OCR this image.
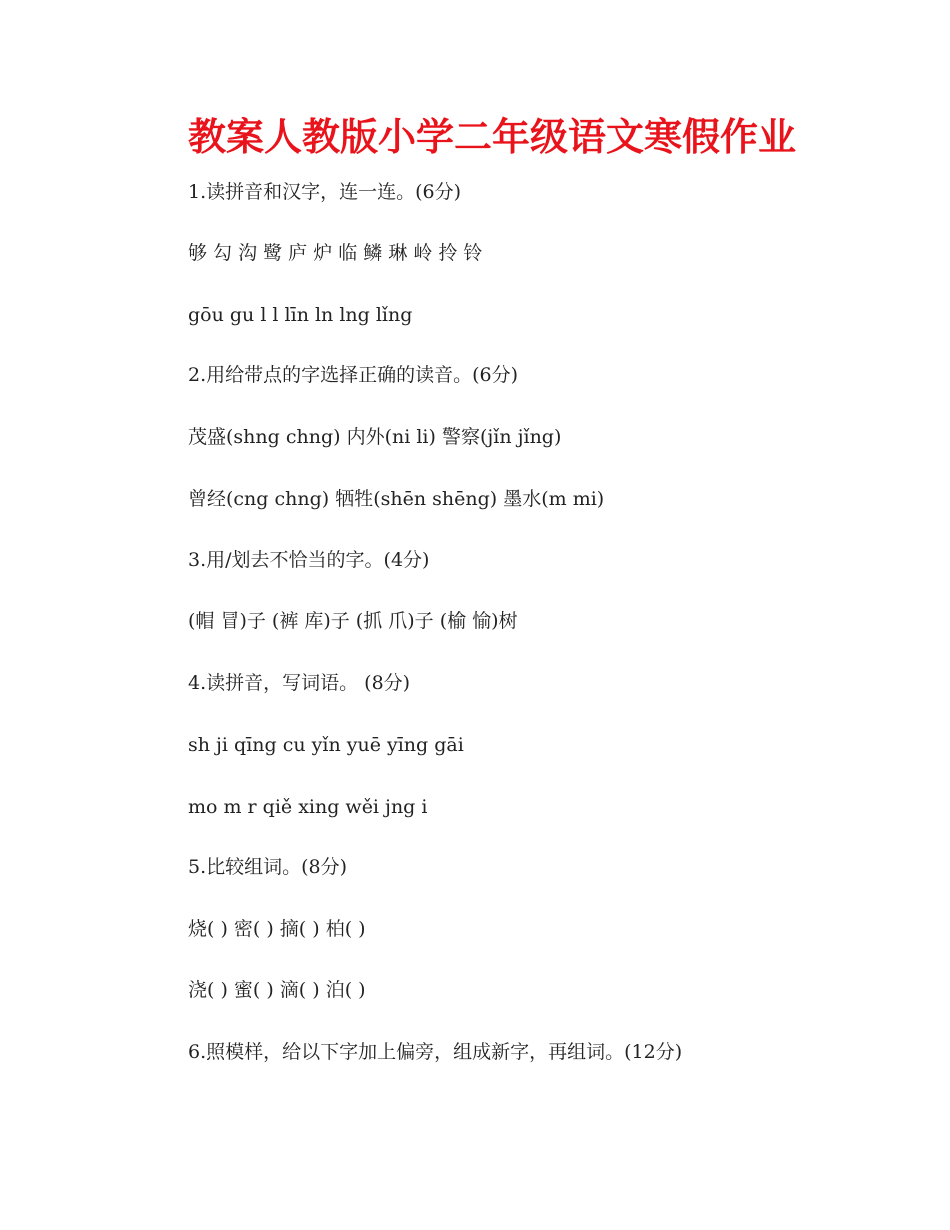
教案人教版小学二年级语文寒假作业
1.读拼音和汉字，连一连。(6分)
够 勾 沟 鹭 庐 炉 临 鳞 琳 岭 拎 铃
gōu gu l l līn ln lng lǐng
2.用给带点的字选择正确的读音。(6分)
茂盛(shng chng) 内外(ni li) 警察(jǐn jǐng)
曾经(cng chng) 牺牲(shēn shēng) 墨水(m mi)
3.用/划去不恰当的字。(4分)
(帽 冒)子 (裤 库)子 (抓 爪)子 (榆 愉)树
4.读拼音，写词语。 (8分)
sh ji qīng cu yǐn yuē yīng gāi
mo m r qiě xing wěi jng i
5.比较组词。(8分)
烧( ) 密( ) 摘( ) 柏( )
浇( ) 蜜( ) 滴( ) 泊( )
6.照模样，给以下字加上偏旁，组成新字，再组词。(12分)
